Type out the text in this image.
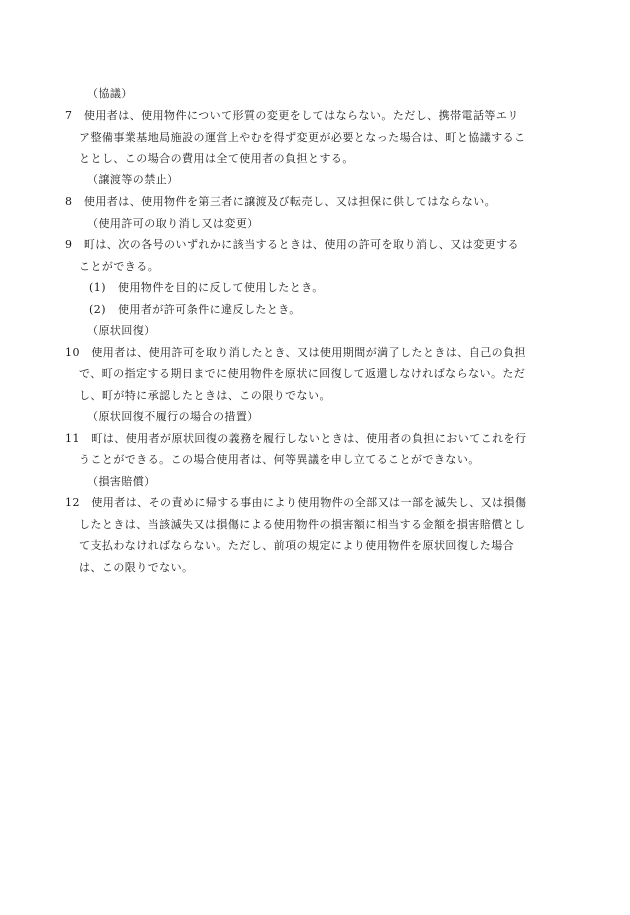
（協議）
7　使用者は、使用物件について形質の変更をしてはならない。ただし、携帯電話等エリ
ア整備事業基地局施設の運営上やむを得ず変更が必要となった場合は、町と協議するこ
ととし、この場合の費用は全て使用者の負担とする。
（譲渡等の禁止）
8　使用者は、使用物件を第三者に譲渡及び転売し、又は担保に供してはならない。
（使用許可の取り消し又は変更）
9　町は、次の各号のいずれかに該当するときは、使用の許可を取り消し、又は変更する
ことができる。
(1) 使用物件を目的に反して使用したとき。
(2) 使用者が許可条件に違反したとき。
（原状回復）
10　使用者は、使用許可を取り消したとき、又は使用期間が満了したときは、自己の負担
で、町の指定する期日までに使用物件を原状に回復して返還しなければならない。ただ
し、町が特に承認したときは、この限りでない。
（原状回復不履行の場合の措置）
11　町は、使用者が原状回復の義務を履行しないときは、使用者の負担においてこれを行
うことができる。この場合使用者は、何等異議を申し立てることができない。
（損害賠償）
12　使用者は、その責めに帰する事由により使用物件の全部又は一部を滅失し、又は損傷
したときは、当該滅失又は損傷による使用物件の損害額に相当する金額を損害賠償とし
て支払わなければならない。ただし、前項の規定により使用物件を原状回復した場合
は、この限りでない。
